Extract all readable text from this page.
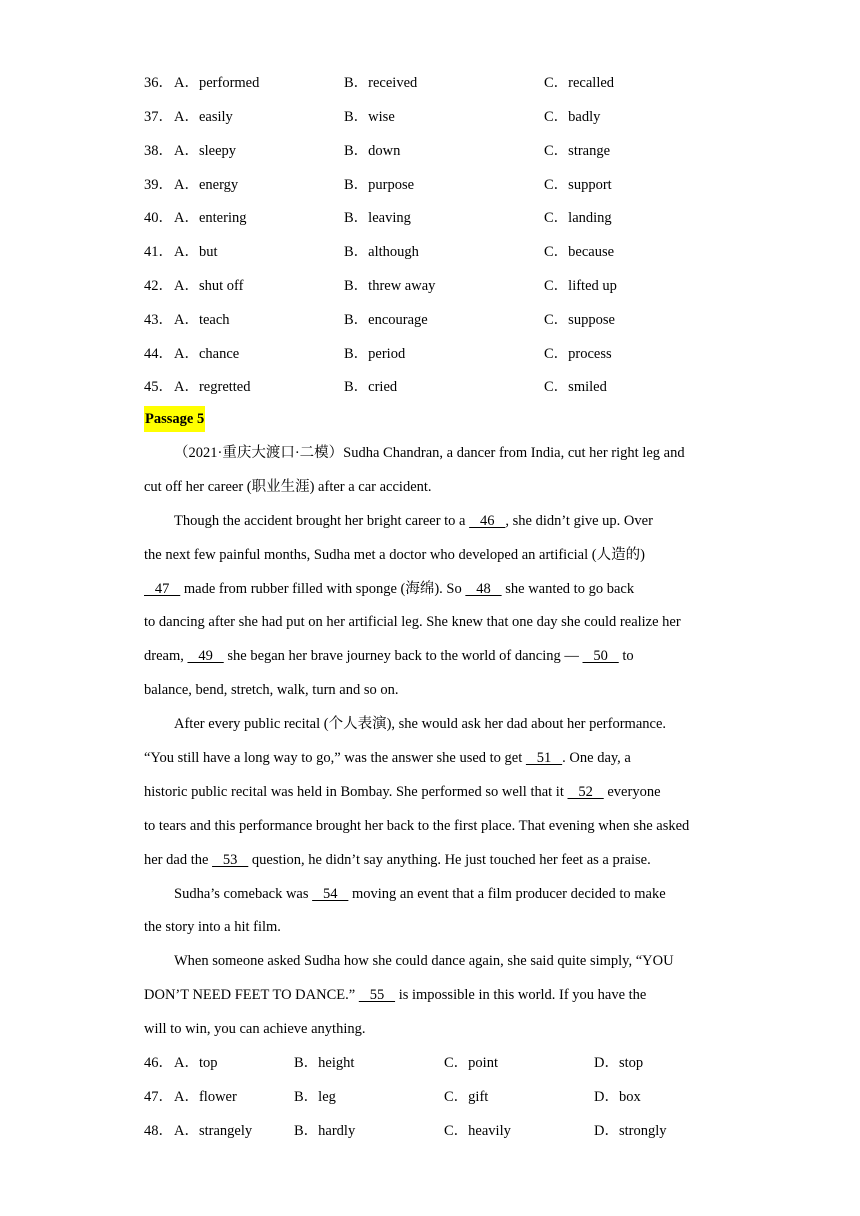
36． A．performed	B．received	C．recalled
37． A．easily	B．wise	C．badly
38． A．sleepy	B．down	C．strange
39． A．energy	B．purpose	C．support
40． A．entering	B．leaving	C．landing
41． A．but	B．although	C．because
42． A．shut off	B．threw away	C．lifted up
43． A．teach	B．encourage	C．suppose
44． A．chance	B．period	C．process
45． A．regretted	B．cried	C．smiled
Passage 5
（2021·重庆大渡口·二模）Sudha Chandran, a dancer from India, cut her right leg and
cut off her career (职业生涯) after a car accident.
Though the accident brought her bright career to a    46   , she didn’t give up. Over
the next few painful months, Sudha met a doctor who developed an artificial (人造的)
47    made from rubber filled with sponge (海绵). So    48    she wanted to go back
to dancing after she had put on her artificial leg. She knew that one day she could realize her
dream,    49    she began her brave journey back to the world of dancing —    50    to
balance, bend, stretch, walk, turn and so on.
After every public recital (个人表演), she would ask her dad about her performance.
“You still have a long way to go,” was the answer she used to get    51   . One day, a
historic public recital was held in Bombay. She performed so well that it    52    everyone
to tears and this performance brought her back to the first place. That evening when she asked
her dad the    53    question, he didn’t say anything. He just touched her feet as a praise.
Sudha’s comeback was    54    moving an event that a film producer decided to make
the story into a hit film.
When someone asked Sudha how she could dance again, she said quite simply, “YOU
DON’T NEED FEET TO DANCE.”    55    is impossible in this world. If you have the
will to win, you can achieve anything.
46． A．top	B．height	C．point	D．stop
47． A．flower	B．leg	C．gift	D．box
48． A．strangely	B．hardly	C．heavily	D．strongly
